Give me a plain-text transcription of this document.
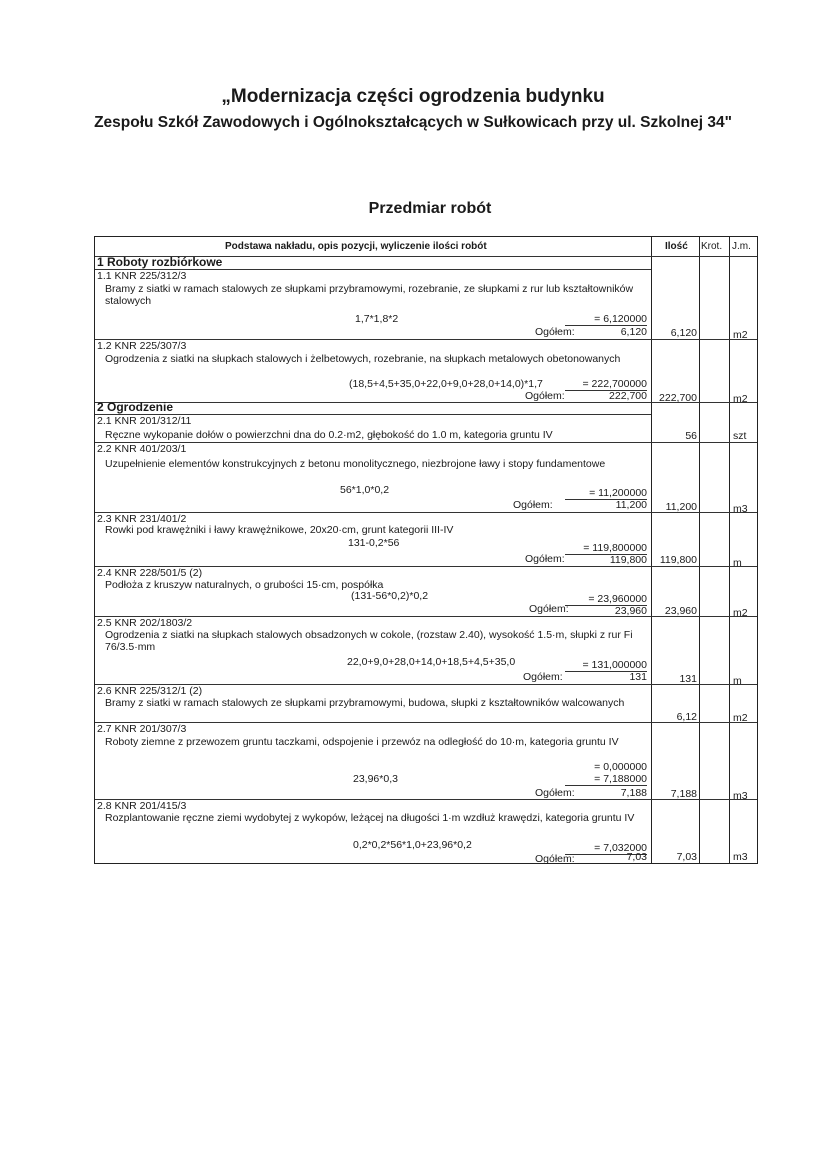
„Modernizacja części ogrodzenia budynku
Zespołu Szkół Zawodowych i Ogólnokształcących w Sułkowicach przy ul. Szkolnej 34"
Przedmiar robót
Podstawa nakładu, opis pozycji, wyliczenie ilości robót	Ilość Krot. J.m.
1 Roboty rozbiórkowe
1.1 KNR 225/312/3
Bramy z siatki w ramach stalowych ze słupkami przybramowymi, rozebranie, ze słupkami z rur lub kształtowników stalowych
1,7*1,8*2	= 6,120000
Ogółem:	6,120	6,120	m2
1.2 KNR 225/307/3
Ogrodzenia z siatki na słupkach stalowych i żelbetowych, rozebranie, na słupkach metalowych obetonowanych
(18,5+4,5+35,0+22,0+9,0+28,0+14,0)*1,7	= 222,700000
Ogółem:	222,700	222,700	m2
2 Ogrodzenie
2.1 KNR 201/312/11
Ręczne wykopanie dołów o powierzchni dna do 0.2·m2, głębokość do 1.0 m, kategoria gruntu IV	56	szt
2.2 KNR 401/203/1
Uzupełnienie elementów konstrukcyjnych z betonu monolitycznego, niezbrojone ławy i stopy fundamentowe
56*1,0*0,2	= 11,200000
Ogółem:	11,200	11,200	m3
2.3 KNR 231/401/2
Rowki pod krawężniki i ławy krawężnikowe, 20x20·cm, grunt kategorii III-IV
131-0,2*56	= 119,800000
Ogółem:	119,800	119,800	m
2.4 KNR 228/501/5 (2)
Podłoża z kruszyw naturalnych, o grubości 15·cm, pospółka
(131-56*0,2)*0,2	= 23,960000
Ogółem:	23,960	23,960	m2
2.5 KNR 202/1803/2
Ogrodzenia z siatki na słupkach stalowych obsadzonych w cokole, (rozstaw 2.40), wysokość 1.5·m, słupki z rur Fi 76/3.5·mm
22,0+9,0+28,0+14,0+18,5+4,5+35,0	= 131,000000
Ogółem:	131	131	m
2.6 KNR 225/312/1 (2)
Bramy z siatki w ramach stalowych ze słupkami przybramowymi, budowa, słupki z kształtowników walcowanych
6,12	m2
2.7 KNR 201/307/3
Roboty ziemne z przewozem gruntu taczkami, odspojenie i przewóz na odległość do 10·m, kategoria gruntu IV
= 0,000000
23,96*0,3	= 7,188000
Ogółem:	7,188	7,188	m3
2.8 KNR 201/415/3
Rozplantowanie ręczne ziemi wydobytej z wykopów, leżącej na długości 1·m wzdłuż krawędzi, kategoria gruntu IV
0,2*0,2*56*1,0+23,96*0,2	= 7,032000
Ogółem:	7,03	7,03	m3
